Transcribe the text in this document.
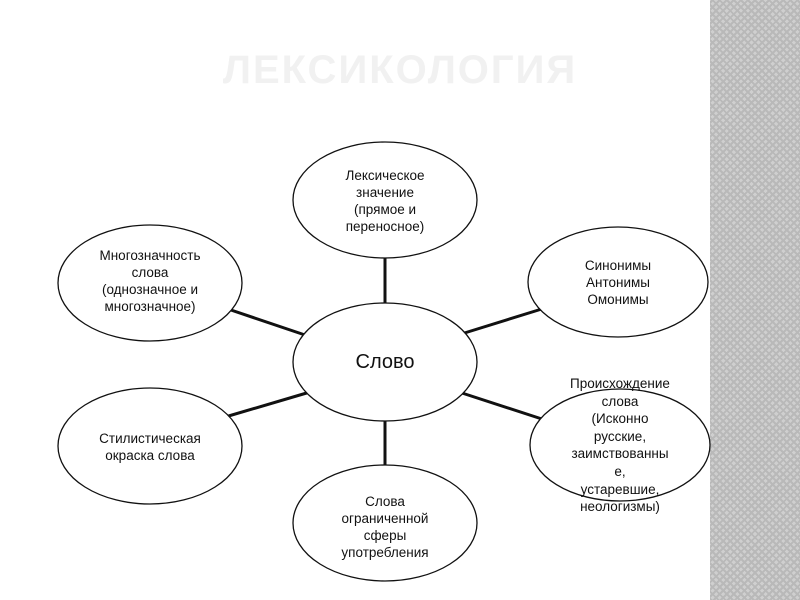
ЛЕКСИКОЛОГИЯ
Лексическое
значение
(прямое и
переносное)
Синонимы
Антонимы
Омонимы
Происхождение
слова
(Исконно
русские,
заимствованны
е,
устаревшие,
неологизмы)
Слова
ограниченной
сферы
употребления
Стилистическая
окраска слова
Многозначность
слова
(однозначное и
многозначное)
Слово
